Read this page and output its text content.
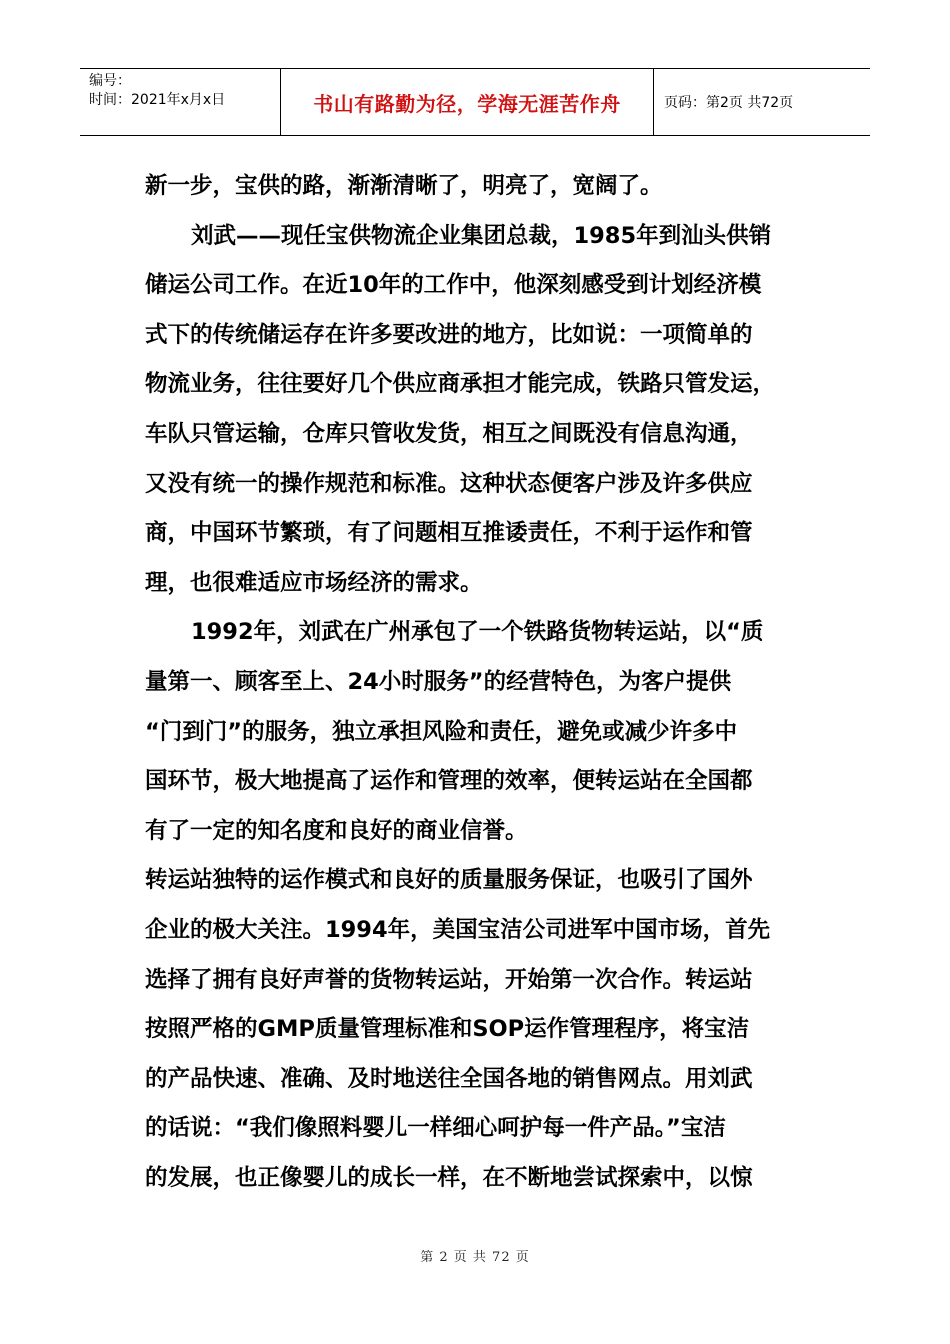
编号：
时间：2021年x月x日	书山有路勤为径，学海无涯苦作舟	页码：第2页 共72页

新一步，宝供的路，渐渐清晰了，明亮了，宽阔了。

刘武——现任宝供物流企业集团总裁，1985年到汕头供销
储运公司工作。在近10年的工作中，他深刻感受到计划经济模
式下的传统储运存在许多要改进的地方，比如说：一项简单的
物流业务，往往要好几个供应商承担才能完成，铁路只管发运，
车队只管运输，仓库只管收发货，相互之间既没有信息沟通，
又没有统一的操作规范和标准。这种状态便客户涉及许多供应
商，中国环节繁琐，有了问题相互推诿责任，不利于运作和管
理，也很难适应市场经济的需求。

1992年，刘武在广州承包了一个铁路货物转运站，以“质
量第一、顾客至上、24小时服务”的经营特色，为客户提供
“门到门”的服务，独立承担风险和责任，避免或减少许多中
国环节，极大地提高了运作和管理的效率，便转运站在全国都
有了一定的知名度和良好的商业信誉。

转运站独特的运作模式和良好的质量服务保证，也吸引了国外
企业的极大关注。1994年，美国宝洁公司进军中国市场，首先
选择了拥有良好声誉的货物转运站，开始第一次合作。转运站
按照严格的GMP质量管理标准和SOP运作管理程序，将宝洁
的产品快速、准确、及时地送往全国各地的销售网点。用刘武
的话说：“我们像照料婴儿一样细心呵护每一件产品。”宝洁
的发展，也正像婴儿的成长一样，在不断地尝试探索中，以惊

第 2 页 共 72 页
